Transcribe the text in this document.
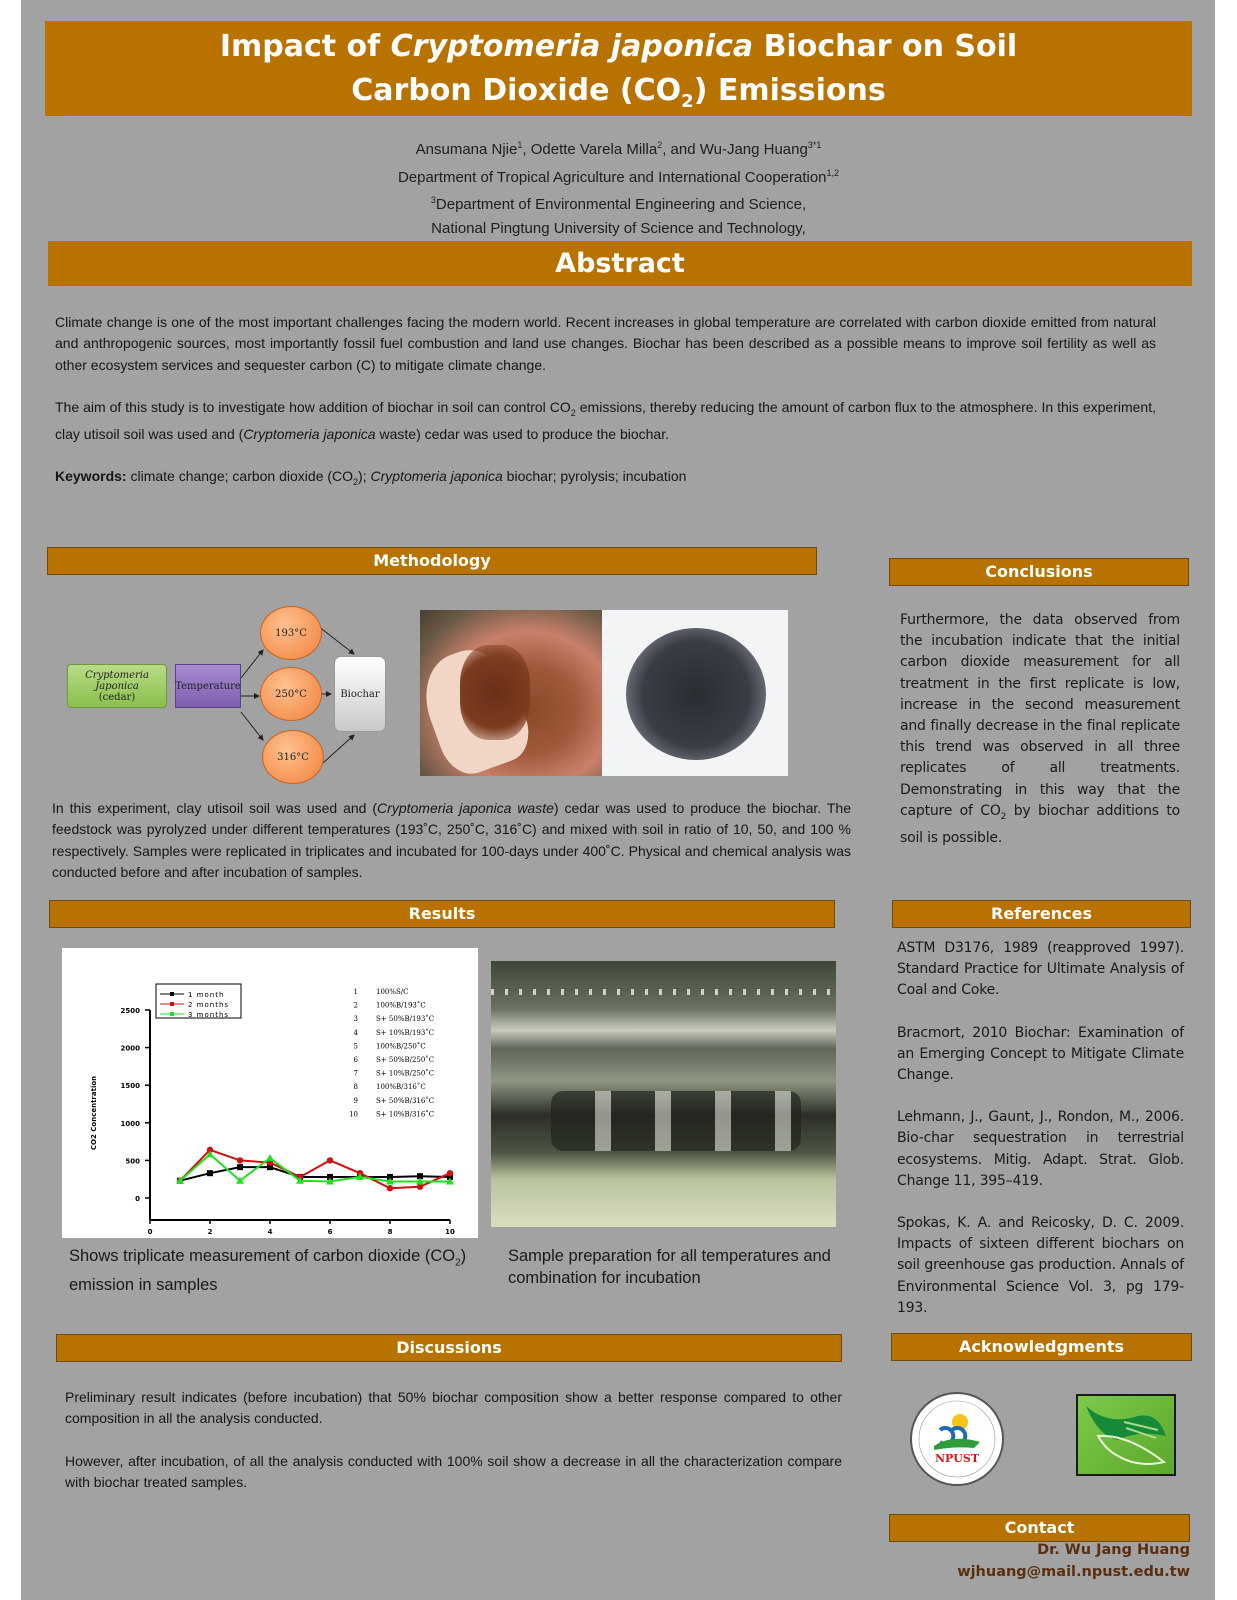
Impact of Cryptomeria japonica Biochar on Soil
Carbon Dioxide $(CO_2)$ Emissions
Ansumana Njie$^1$, Odette Varela Milla$^2$, and Wu-Jang Huang$^{3*1}$
Department of Tropical Agriculture and International Cooperation$^{1,2}$
$^3$Department of Environmental Engineering and Science,
National Pingtung University of Science and Technology,
Abstract

Climate change is one of the most important challenges facing the modern world. Recent increases in global temperature are correlated with carbon dioxide emitted from natural and anthropogenic sources, most importantly fossil fuel combustion and land use changes. Biochar has been described as a possible means to improve soil fertility as well as other ecosystem services and sequester carbon (C) to mitigate climate change.

The aim of this study is to investigate how addition of biochar in soil can control $CO_2$ emissions, thereby reducing the amount of carbon flux to the atmosphere. In this experiment, clay utisoil soil was used and (Cryptomeria japonica waste) cedar was used to produce the biochar.

Keywords: climate change; carbon dioxide $(CO_2)$; Cryptomeria japonica biochar; pyrolysis; incubation

Methodology
Cryptomeria Japonica
(cedar)
Temperature
193°C
250°C
316°C
Biochar

In this experiment, clay utisoil soil was used and (Cryptomeria japonica waste) cedar was used to produce the biochar. The feedstock was pyrolyzed under different temperatures (193˚C, 250˚C, 316˚C) and mixed with soil in ratio of 10, 50, and 100 % respectively. Samples were replicated in triplicates and incubated for 100-days under 400˚C. Physical and chemical analysis was conducted before and after incubation of samples.

Conclusions

Furthermore, the data observed from the incubation indicate that the initial carbon dioxide measurement for all treatment in the first replicate is low, increase in the second measurement and finally decrease in the final replicate this trend was observed in all three replicates of all treatments. Demonstrating in this way that the capture of $CO_2$ by biochar additions to soil is possible.

Results
0
500
1000
1500
2000
2500
0	2	4	6	8	10
CO2 Concentration
1 month
2 months
3 months
1	100%S/C
2	100%B/193˚C
3	S+ 50%B/193˚C
4	S+ 10%B/193˚C
5	100%B/250˚C
6	S+ 50%B/250˚C
7	S+ 10%B/250˚C
8	100%B/316˚C
9	S+ 50%B/316˚C
10	S+ 10%B/316˚C
Shows triplicate measurement of carbon dioxide $(CO_2)$ emission in samples
Sample preparation for all temperatures and combination for incubation
References

ASTM D3176, 1989 (reapproved 1997). Standard Practice for Ultimate Analysis of Coal and Coke.

Bracmort, 2010 Biochar: Examination of an Emerging Concept to Mitigate Climate Change.

Lehmann, J., Gaunt, J., Rondon, M., 2006. Bio-char sequestration in terrestrial ecosystems. Mitig. Adapt. Strat. Glob. Change 11, 395–419.

Spokas, K. A. and Reicosky, D. C. 2009. Impacts of sixteen different biochars on soil greenhouse gas production. Annals of Environmental Science Vol. 3, pg 179-193.

Discussions

Preliminary result indicates (before incubation) that 50% biochar composition show a better response compared to other composition in all the analysis conducted.

However, after incubation, of all the analysis conducted with 100% soil show a decrease in all the characterization compare with biochar treated samples.

Acknowledgments
NPUST
Contact
Dr. Wu Jang Huang
wjhuang@mail.npust.edu.tw
